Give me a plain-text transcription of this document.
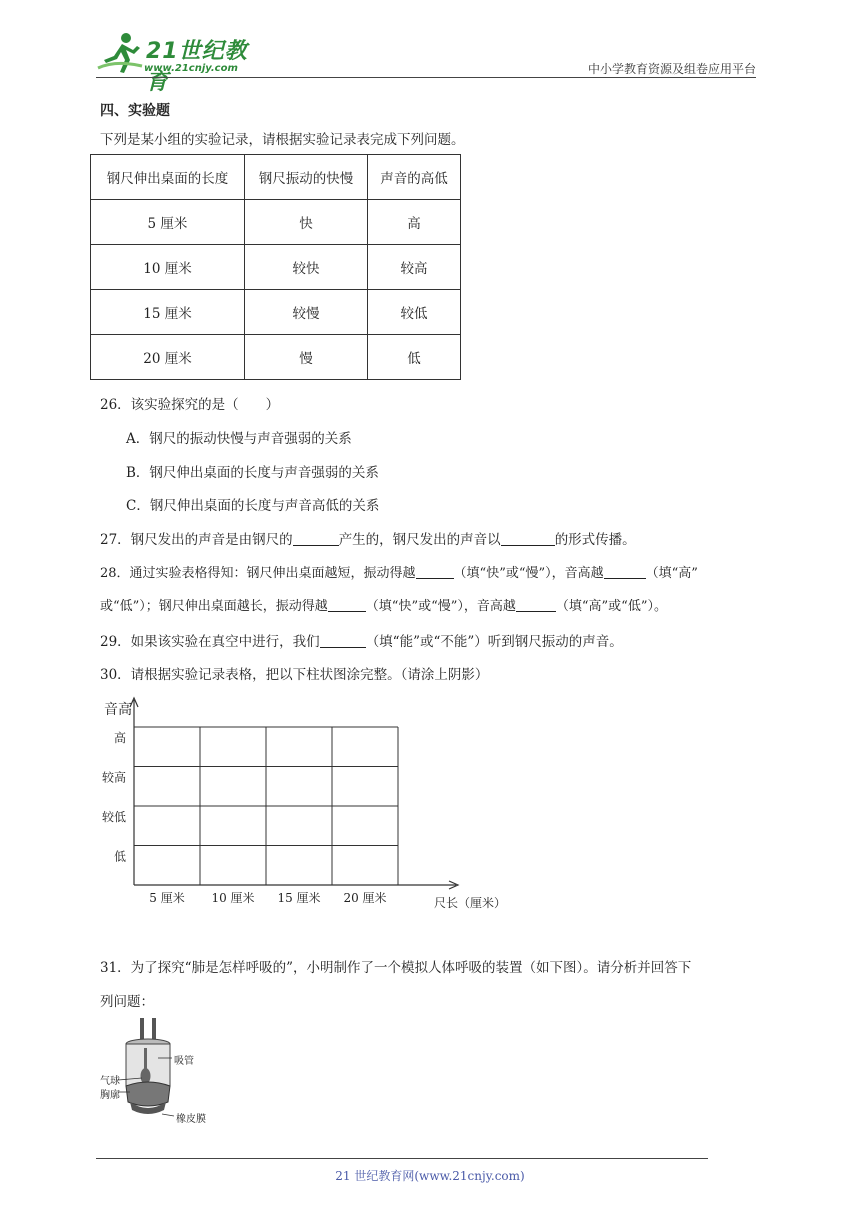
21世纪教育
www.21cnjy.com	中小学教育资源及组卷应用平台
四、实验题
下列是某小组的实验记录，请根据实验记录表完成下列问题。
钢尺伸出桌面的长度	钢尺振动的快慢	声音的高低
5 厘米	快	高
10 厘米	较快	较高
15 厘米	较慢	较低
20 厘米	慢	低
26．该实验探究的是（　　）
A．钢尺的振动快慢与声音强弱的关系
B．钢尺伸出桌面的长度与声音强弱的关系
C．钢尺伸出桌面的长度与声音高低的关系
27．钢尺发出的声音是由钢尺的	产生的，钢尺发出的声音以	的形式传播。
28．通过实验表格得知：钢尺伸出桌面越短，振动得越	（填“快”或“慢”），音高越	（填“高”
或“低”）；钢尺伸出桌面越长，振动得越	（填“快”或“慢”），音高越	（填“高”或“低”）。
29．如果该实验在真空中进行，我们	（填“能”或“不能”）听到钢尺振动的声音。
30．请根据实验记录表格，把以下柱状图涂完整。（请涂上阴影）
音高
高
较高
较低
低
5 厘米 10 厘米 15 厘米 20 厘米	尺长（厘米）
31．为了探究“肺是怎样呼吸的”，小明制作了一个模拟人体呼吸的装置（如下图）。请分析并回答下
列问题：
吸管
气球
胸廓
橡皮膜
21 世纪教育网(www.21cnjy.com)
